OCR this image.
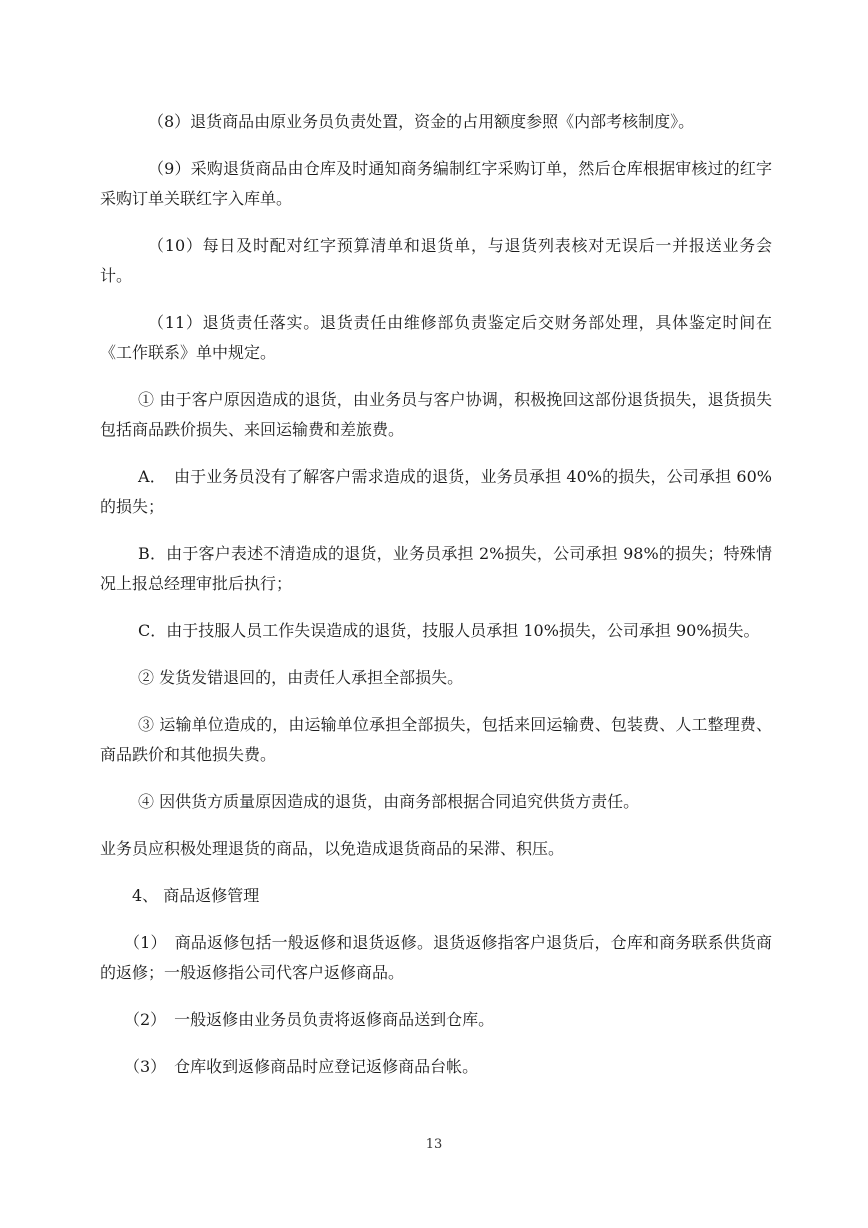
（8）退货商品由原业务员负责处置，资金的占用额度参照《内部考核制度》。

（9）采购退货商品由仓库及时通知商务编制红字采购订单，然后仓库根据审核过的红字采购订单关联红字入库单。

（10）每日及时配对红字预算清单和退货单，与退货列表核对无误后一并报送业务会计。

（11）退货责任落实。退货责任由维修部负责鉴定后交财务部处理，具体鉴定时间在《工作联系》单中规定。

① 由于客户原因造成的退货，由业务员与客户协调，积极挽回这部份退货损失，退货损失包括商品跌价损失、来回运输费和差旅费。

A．　由于业务员没有了解客户需求造成的退货，业务员承担 40%的损失，公司承担 60%的损失；

B．由于客户表述不清造成的退货，业务员承担 2%损失，公司承担 98%的损失；特殊情况上报总经理审批后执行；

C．由于技服人员工作失误造成的退货，技服人员承担 10%损失，公司承担 90%损失。

② 发货发错退回的，由责任人承担全部损失。

③ 运输单位造成的，由运输单位承担全部损失，包括来回运输费、包装费、人工整理费、商品跌价和其他损失费。

④ 因供货方质量原因造成的退货，由商务部根据合同追究供货方责任。

业务员应积极处理退货的商品，以免造成退货商品的呆滞、积压。

4、 商品返修管理

（1）　商品返修包括一般返修和退货返修。退货返修指客户退货后，仓库和商务联系供货商的返修；一般返修指公司代客户返修商品。

（2）　一般返修由业务员负责将返修商品送到仓库。

（3）　仓库收到返修商品时应登记返修商品台帐。

13
